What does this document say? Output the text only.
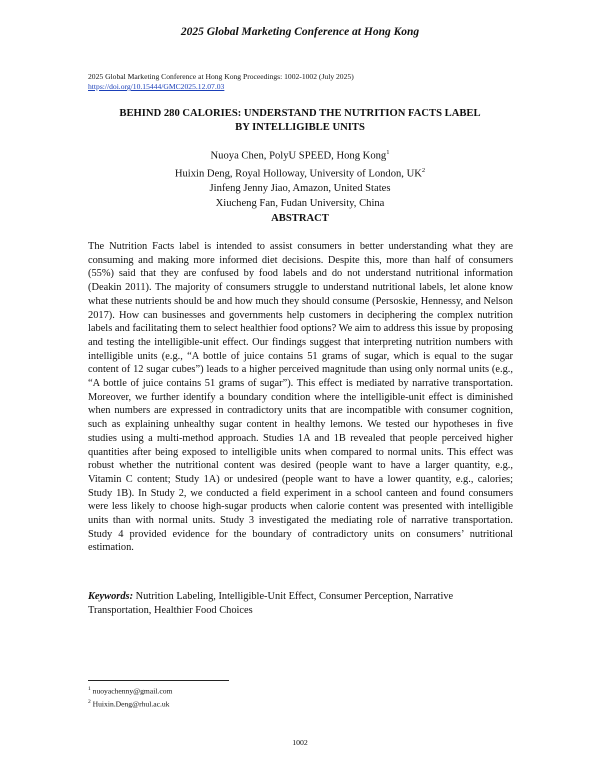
2025 Global Marketing Conference at Hong Kong
2025 Global Marketing Conference at Hong Kong Proceedings: 1002-1002 (July 2025)
https://doi.org/10.15444/GMC2025.12.07.03
BEHIND 280 CALORIES: UNDERSTAND THE NUTRITION FACTS LABEL
BY INTELLIGIBLE UNITS
Nuoya Chen, PolyU SPEED, Hong Kong$^1$
Huixin Deng, Royal Holloway, University of London, $UK^2$
Jinfeng Jenny Jiao, Amazon, United States
Xiucheng Fan, Fudan University, China
ABSTRACT
The Nutrition Facts label is intended to assist consumers in better understanding what they are consuming and making more informed diet decisions. Despite this, more than half of consumers (55%) said that they are confused by food labels and do not understand nutritional information (Deakin 2011). The majority of consumers struggle to understand nutritional labels, let alone know what these nutrients should be and how much they should consume (Persoskie, Hennessy, and Nelson 2017). How can businesses and governments help customers in deciphering the complex nutrition labels and facilitating them to select healthier food options? We aim to address this issue by proposing and testing the intelligible-unit effect. Our findings suggest that interpreting nutrition numbers with intelligible units (e.g., “A bottle of juice contains 51 grams of sugar, which is equal to the sugar content of 12 sugar cubes”) leads to a higher perceived magnitude than using only normal units (e.g., “A bottle of juice contains 51 grams of sugar”). This effect is mediated by narrative transportation. Moreover, we further identify a boundary condition where the intelligible-unit effect is diminished when numbers are expressed in contradictory units that are incompatible with consumer cognition, such as explaining unhealthy sugar content in healthy lemons. We tested our hypotheses in five studies using a multi-method approach. Studies 1A and 1B revealed that people perceived higher quantities after being exposed to intelligible units when compared to normal units. This effect was robust whether the nutritional content was desired (people want to have a larger quantity, e.g., Vitamin C content; Study 1A) or undesired (people want to have a lower quantity, e.g., calories; Study 1B). In Study 2, we conducted a field experiment in a school canteen and found consumers were less likely to choose high-sugar products when calorie content was presented with intelligible units than with normal units. Study 3 investigated the mediating role of narrative transportation. Study 4 provided evidence for the boundary of contradictory units on consumers’ nutritional estimation.
Keywords: Nutrition Labeling, Intelligible-Unit Effect, Consumer Perception, Narrative Transportation, Healthier Food Choices
$^1$ nuoyachenny@gmail.com
$^2$ Huixin.Deng@rhul.ac.uk
1002
